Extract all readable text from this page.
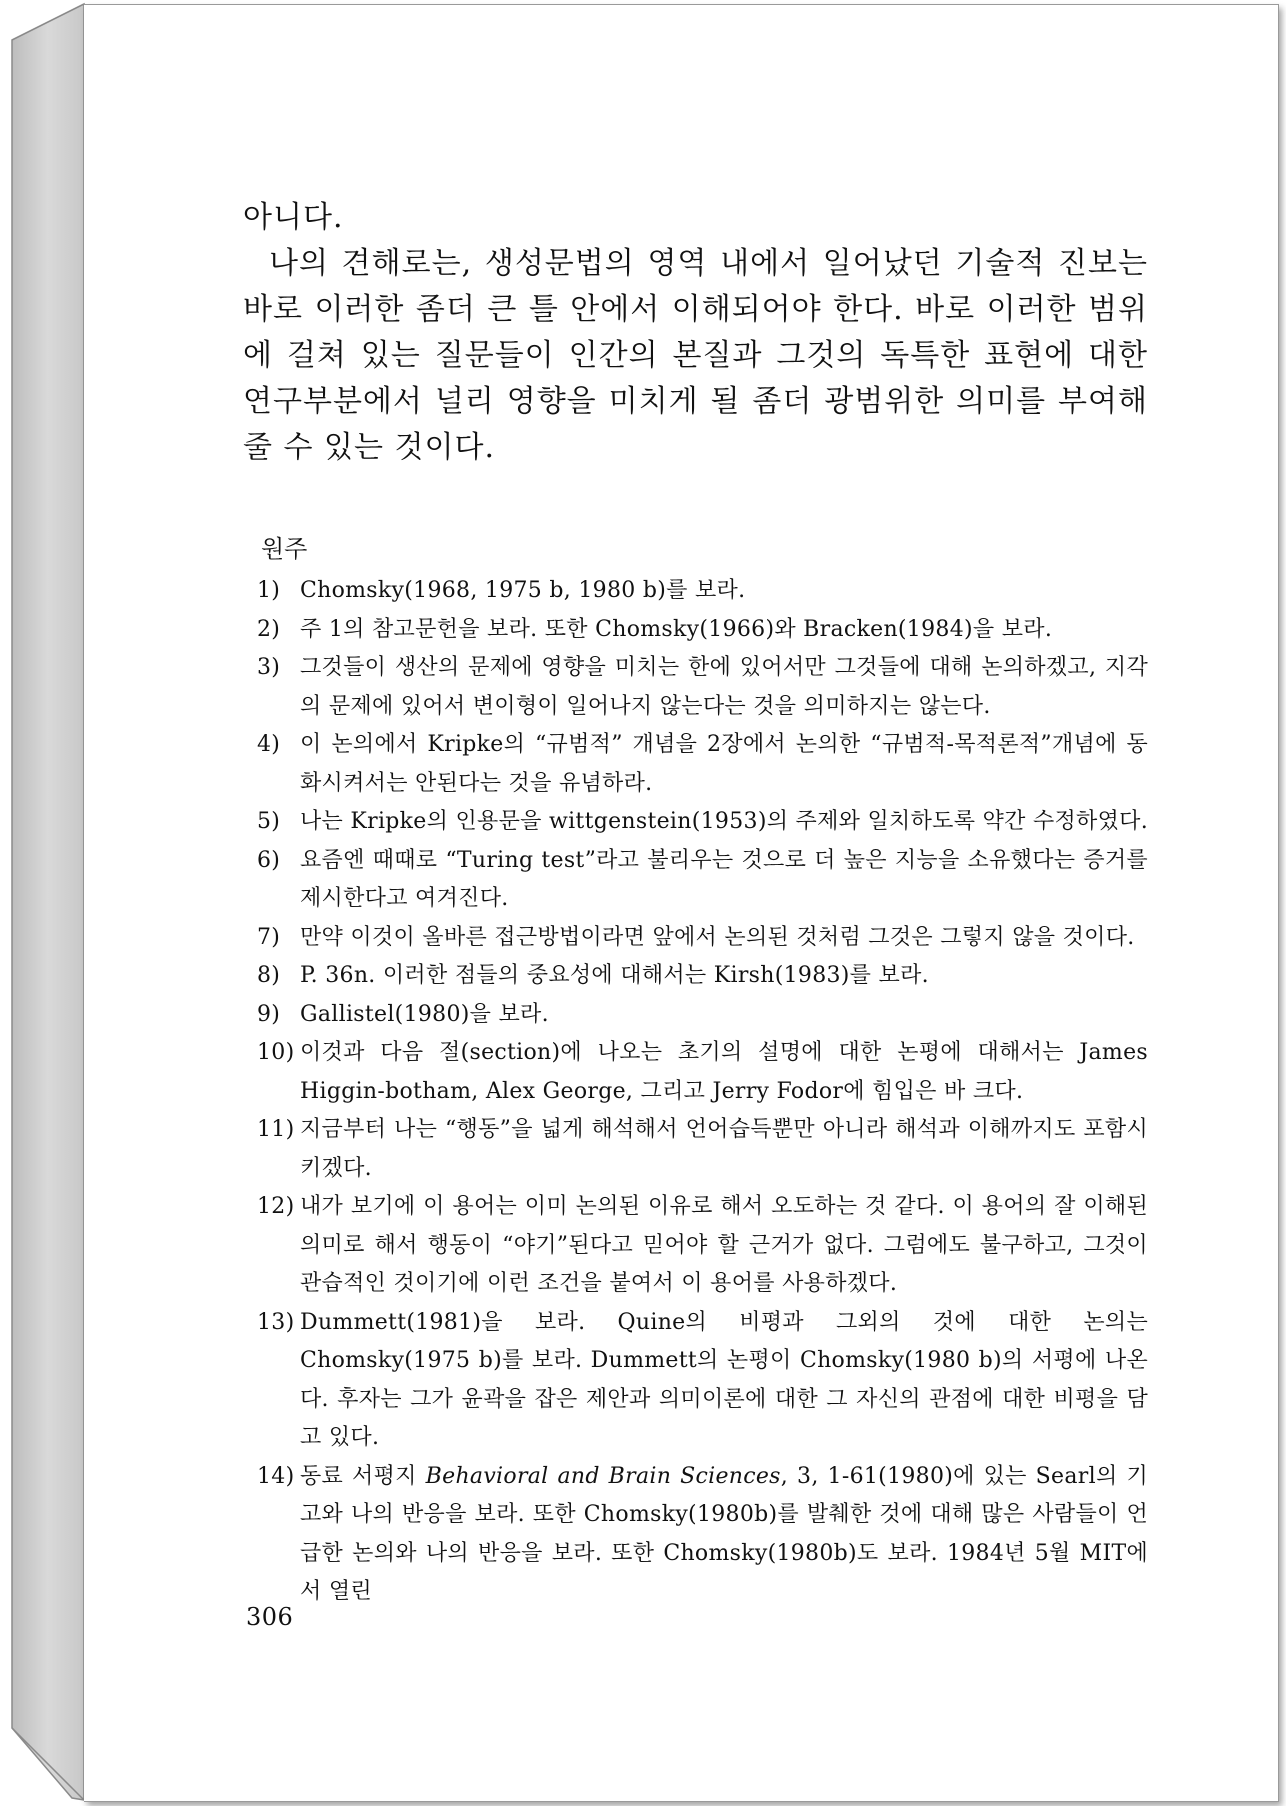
아니다.

나의 견해로는, 생성문법의 영역 내에서 일어났던 기술적 진보는 바로 이러한 좀더 큰 틀 안에서 이해되어야 한다. 바로 이러한 범위에 걸쳐 있는 질문들이 인간의 본질과 그것의 독특한 표현에 대한 연구부분에서 널리 영향을 미치게 될 좀더 광범위한 의미를 부여해줄 수 있는 것이다.

원주
1) Chomsky(1968, 1975 b, 1980 b)를 보라.
2) 주 1의 참고문헌을 보라. 또한 Chomsky(1966)와 Bracken(1984)을 보라.
3) 그것들이 생산의 문제에 영향을 미치는 한에 있어서만 그것들에 대해 논의하겠고, 지각의 문제에 있어서 변이형이 일어나지 않는다는 것을 의미하지는 않는다.
4) 이 논의에서 Kripke의 “규범적” 개념을 2장에서 논의한 “규범적-목적론적”개념에 동화시켜서는 안된다는 것을 유념하라.
5) 나는 Kripke의 인용문을 wittgenstein(1953)의 주제와 일치하도록 약간 수정하였다.
6) 요즘엔 때때로 “Turing test”라고 불리우는 것으로 더 높은 지능을 소유했다는 증거를 제시한다고 여겨진다.
7) 만약 이것이 올바른 접근방법이라면 앞에서 논의된 것처럼 그것은 그렇지 않을 것이다.
8) P. 36n. 이러한 점들의 중요성에 대해서는 Kirsh(1983)를 보라.
9) Gallistel(1980)을 보라.
10) 이것과 다음 절(section)에 나오는 초기의 설명에 대한 논평에 대해서는 James Higgin-botham, Alex George, 그리고 Jerry Fodor에 힘입은 바 크다.
11) 지금부터 나는 “행동”을 넓게 해석해서 언어습득뿐만 아니라 해석과 이해까지도 포함시키겠다.
12) 내가 보기에 이 용어는 이미 논의된 이유로 해서 오도하는 것 같다. 이 용어의 잘 이해된 의미로 해서 행동이 “야기”된다고 믿어야 할 근거가 없다. 그럼에도 불구하고, 그것이 관습적인 것이기에 이런 조건을 붙여서 이 용어를 사용하겠다.
13) Dummett(1981)을 보라. Quine의 비평과 그외의 것에 대한 논의는 Chomsky(1975 b)를 보라. Dummett의 논평이 Chomsky(1980 b)의 서평에 나온다. 후자는 그가 윤곽을 잡은 제안과 의미이론에 대한 그 자신의 관점에 대한 비평을 담고 있다.
14) 동료 서평지 Behavioral and Brain Sciences, 3, 1-61(1980)에 있는 Searl의 기고와 나의 반응을 보라. 또한 Chomsky(1980b)를 발췌한 것에 대해 많은 사람들이 언급한 논의와 나의 반응을 보라. 또한 Chomsky(1980b)도 보라. 1984년 5월 MIT에서 열린
306
